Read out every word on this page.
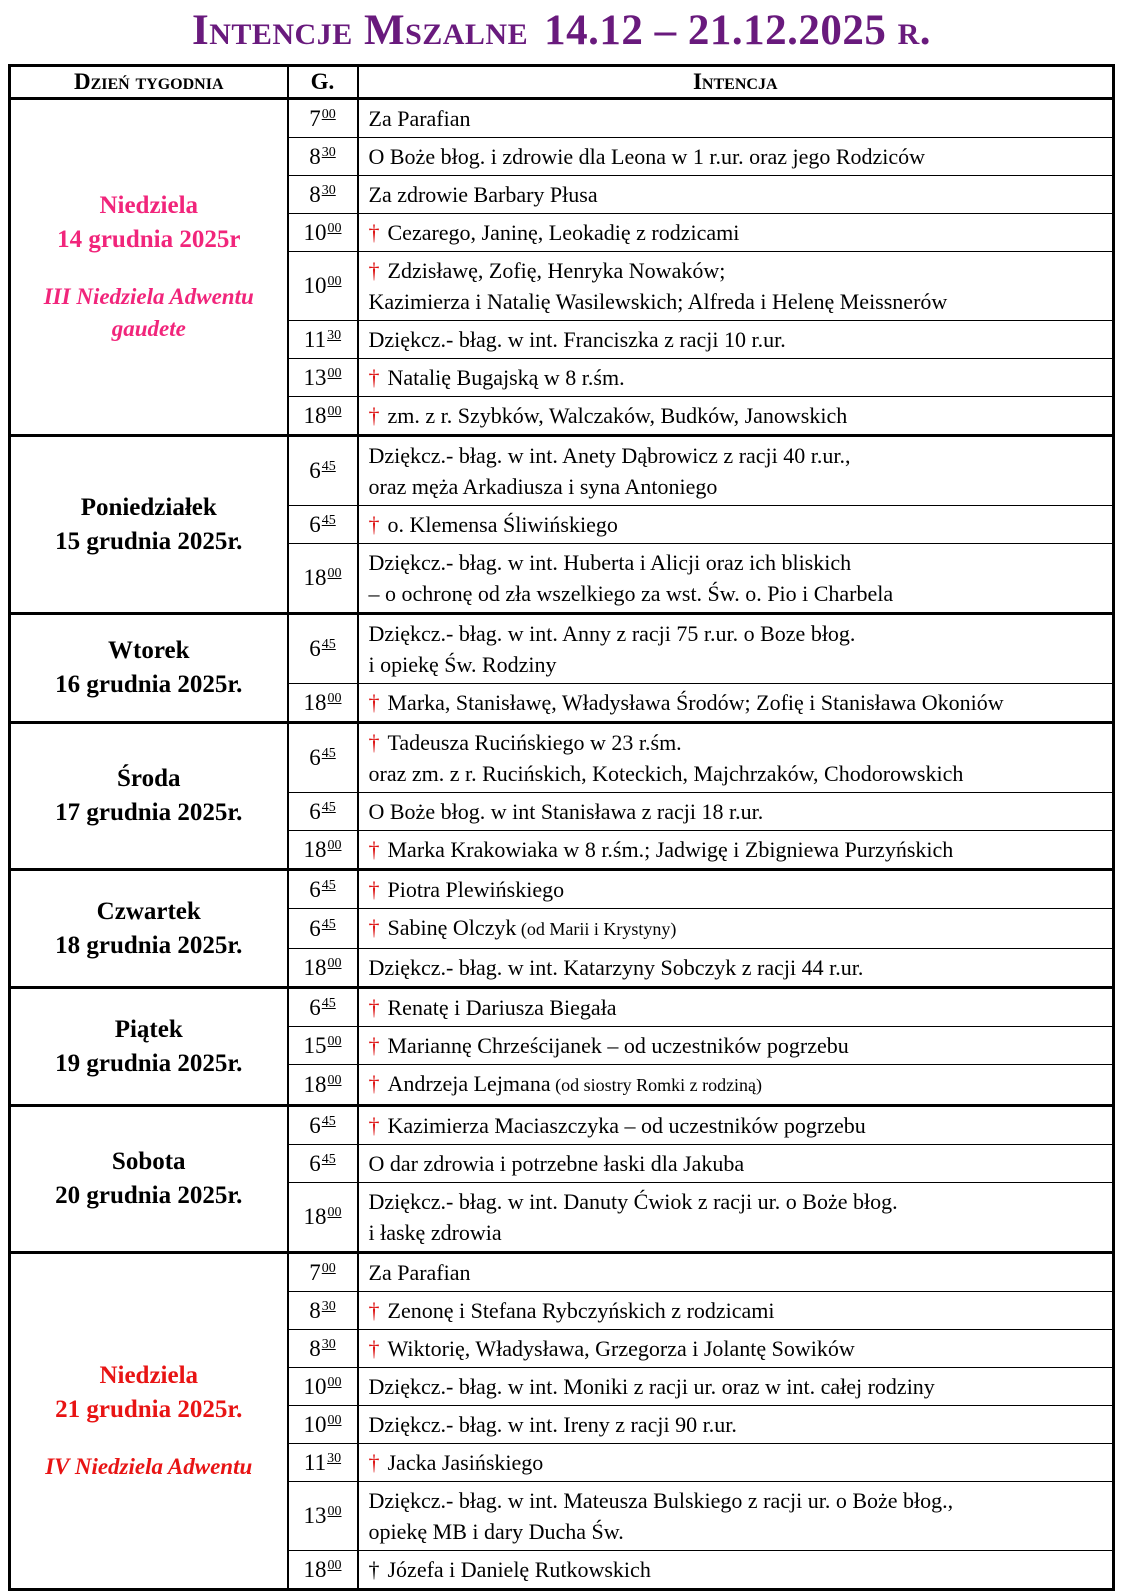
Intencje Mszalne 14.12 – 21.12.2025 r.
Dzień tygodnia	G.	Intencja

Niedziela
14 grudnia 2025r
III Niedziela Adwentu
gaudete	$7^{00}$	Za Parafian

	$8^{30}$	O Boże błog. i zdrowie dla Leona w 1 r.ur. oraz jego Rodziców

	$8^{30}$	Za zdrowie Barbary Płusa

	$10^{00}$	† Cezarego, Janinę, Leokadię z rodzicami

	$10^{00}$	† Zdzisławę, Zofię, Henryka Nowaków;
Kazimierza i Natalię Wasilewskich; Alfreda i Helenę Meissnerów

	$11^{30}$	Dziękcz.- błag. w int. Franciszka z racji 10 r.ur.

	$13^{00}$	† Natalię Bugajską w 8 r.śm.

	$18^{00}$	† zm. z r. Szybków, Walczaków, Budków, Janowskich

Poniedziałek
15 grudnia 2025r.
	$6^{45}$	Dziękcz.- błag. w int. Anety Dąbrowicz z racji 40 r.ur.,
oraz męża Arkadiusza i syna Antoniego

	$6^{45}$	† o. Klemensa Śliwińskiego

	$18^{00}$	Dziękcz.- błag. w int. Huberta i Alicji oraz ich bliskich
– o ochronę od zła wszelkiego za wst. Św. o. Pio i Charbela

Wtorek
16 grudnia 2025r.
	$6^{45}$	Dziękcz.- błag. w int. Anny z racji 75 r.ur. o Boze błog.
i opiekę Św. Rodziny

	$18^{00}$	† Marka, Stanisławę, Władysława Środów; Zofię i Stanisława Okoniów

Środa
17 grudnia 2025r.
	$6^{45}$	† Tadeusza Rucińskiego w 23 r.śm.
oraz zm. z r. Rucińskich, Koteckich, Majchrzaków, Chodorowskich

	$6^{45}$	O Boże błog. w int Stanisława z racji 18 r.ur.

	$18^{00}$	† Marka Krakowiaka w 8 r.śm.; Jadwigę i Zbigniewa Purzyńskich

Czwartek
18 grudnia 2025r.	$6^{45}$	† Piotra Plewińskiego

	$6^{45}$	† Sabinę Olczyk (od Marii i Krystyny)

	$18^{00}$	Dziękcz.- błag. w int. Katarzyny Sobczyk z racji 44 r.ur.

Piątek
19 grudnia 2025r.	$6^{45}$	† Renatę i Dariusza Biegała

	$15^{00}$	† Mariannę Chrześcijanek – od uczestników pogrzebu

	$18^{00}$	† Andrzeja Lejmana (od siostry Romki z rodziną)

Sobota
20 grudnia 2025r.	$6^{45}$	† Kazimierza Maciaszczyka – od uczestników pogrzebu

	$6^{45}$	O dar zdrowia i potrzebne łaski dla Jakuba

	$18^{00}$	Dziękcz.- błag. w int. Danuty Ćwiok z racji ur. o Boże błog.
i łaskę zdrowia

Niedziela
21 grudnia 2025r.
IV Niedziela Adwentu	$7^{00}$	Za Parafian

	$8^{30}$	† Zenonę i Stefana Rybczyńskich z rodzicami

	$8^{30}$	† Wiktorię, Władysława, Grzegorza i Jolantę Sowików

	$10^{00}$	Dziękcz.- błag. w int. Moniki z racji ur. oraz w int. całej rodziny

	$10^{00}$	Dziękcz.- błag. w int. Ireny z racji 90 r.ur.

	$11^{30}$	† Jacka Jasińskiego

	$13^{00}$	Dziękcz.- błag. w int. Mateusza Bulskiego z racji ur. o Boże błog.,
opiekę MB i dary Ducha Św.

	$18^{00}$	† Józefa i Danielę Rutkowskich
